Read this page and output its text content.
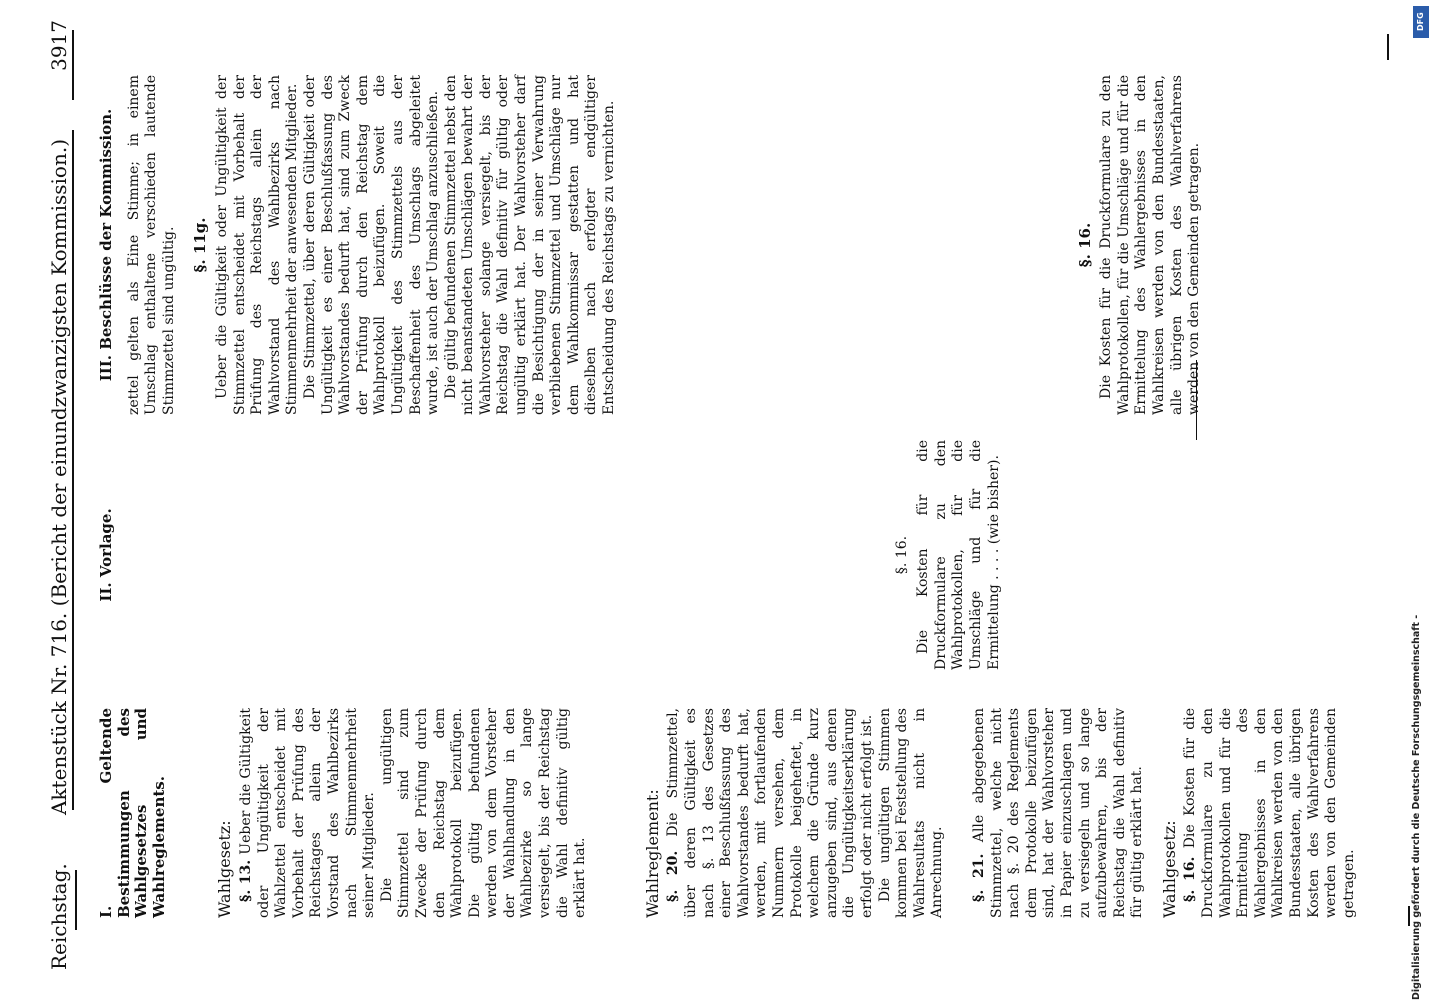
Reichstag.
Aktenstück Nr. 716. (Bericht der einundzwanzigsten Kommission.)
3917

I. Geltende Bestimmungen des Wahlgesetzes und Wahlreglements.	Wahlgesetz: §. 13. Ueber die Gültigkeit oder Ungültigkeit der Wahlzettel entscheidet mit Vorbehalt der Prüfung des Reichstages allein der Vorstand des Wahlbezirks nach Stimmenmehrheit seiner Mitglieder. Die ungültigen Stimmzettel sind zum Zwecke der Prüfung durch den Reichstag dem Wahlprotokoll beizufügen. Die gültig befundenen werden von dem Vorsteher der Wahlhandlung in den Wahlbezirke so lange versiegelt, bis der Reichstag die Wahl definitiv gültig erklärt hat.	Wahlreglement: §. 20. Die Stimmzettel, über deren Gültigkeit es nach §. 13 des Gesetzes einer Beschlußfassung des Wahlvorstandes bedurft hat, werden, mit fortlaufenden Nummern versehen, dem Protokolle beigeheftet, in welchem die Gründe kurz anzugeben sind, aus denen die Ungültigkeitserklärung erfolgt oder nicht erfolgt ist. Die ungültigen Stimmen kommen bei Feststellung des Wahlresultats nicht in Anrechnung. §. 21. Alle abgegebenen Stimmzettel, welche nicht nach §. 20 des Reglements dem Protokolle beizufügen sind, hat der Wahlvorsteher in Papier einzuschlagen und zu versiegeln und so lange aufzubewahren, bis der Reichstag die Wahl definitiv für gültig erklärt hat. Wahlgesetz: §. 16. Die Kosten für die Druckformulare zu den Wahlprotokollen und für die Ermittelung des Wahlergebnisses in den Wahlkreisen werden von den Bundesstaaten, alle übrigen Kosten des Wahlverfahrens werden von den Gemeinden getragen.

II. Vorlage.	§. 16. Die Kosten für die Druckformulare zu den Wahlprotokollen, für die Umschläge und für die Ermittelung . . . . (wie bisher).

III. Beschlüsse der Kommission. zettel gelten als Eine Stimme; in einem Umschlag enthaltene verschieden lautende Stimmzettel sind ungültig. §. 11g. Ueber die Gültigkeit oder Ungültigkeit der Stimmzettel entscheidet mit Vorbehalt der Prüfung des Reichstags allein der Wahlvorstand des Wahlbezirks nach Stimmenmehrheit der anwesenden Mitglieder. Die Stimmzettel, über deren Gültigkeit oder Ungültigkeit es einer Beschlußfassung des Wahlvorstandes bedurft hat, sind zum Zweck der Prüfung durch den Reichstag dem Wahlprotokoll beizufügen. Soweit die Ungültigkeit des Stimmzettels aus der Beschaffenheit des Umschlags abgeleitet wurde, ist auch der Umschlag anzuschließen. Die gültig befundenen Stimmzettel nebst den nicht beanstandeten Umschlägen bewahrt der Wahlvorsteher solange versiegelt, bis der Reichstag die Wahl definitiv für gültig oder ungültig erklärt hat. Der Wahlvorsteher darf die Besichtigung der in seiner Verwahrung verbliebenen Stimmzettel und Umschläge nur dem Wahlkommissar gestatten und hat dieselben nach erfolgter endgültiger Entscheidung des Reichstags zu vernichten.	§. 16. Die Kosten für die Druckformulare zu den Wahlprotokollen, für die Umschläge und für die Ermittelung des Wahlergebnisses in den Wahlkreisen werden von den Bundesstaaten, alle übrigen Kosten des Wahlverfahrens werden von den Gemeinden getragen.

DFG
Digitalisierung gefördert durch die Deutsche Forschungsgemeinschaft -
